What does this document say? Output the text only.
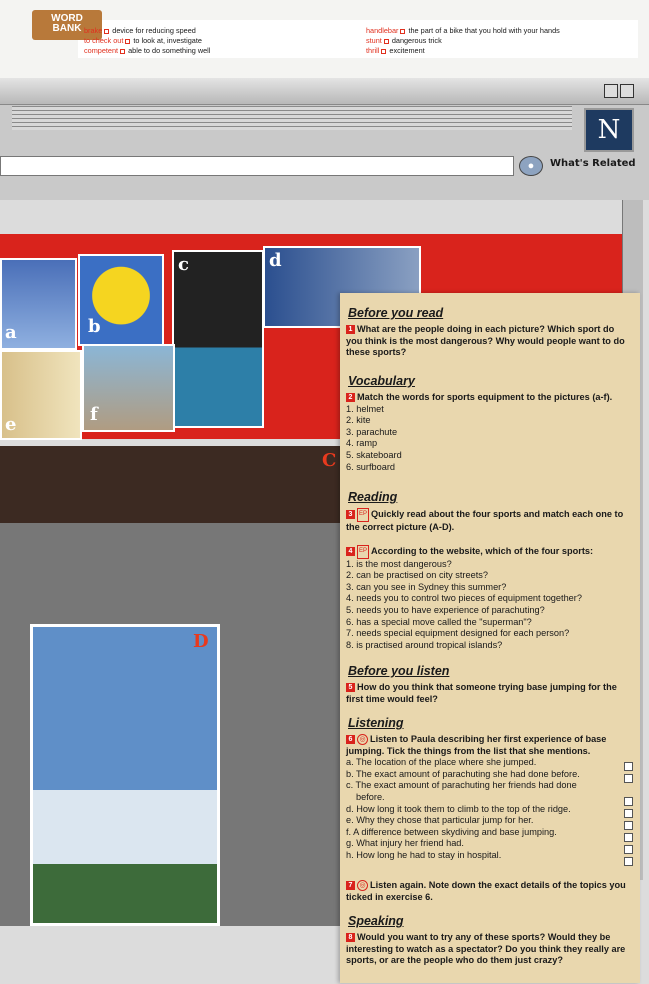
WORD
BANK brake device for reducing speed
to check out to look at, investigate
competent able to do something well
handlebar the part of a bike that you hold with your hands
stunt dangerous trick
thrill excitement
N
●	What's Related
a	b
c	d
e	f
C
D
Before you read
1 What are the people doing in each picture? Which sport do you think is the most dangerous? Why would people want to do these sports?
Vocabulary
2 Match the words for sports equipment to the pictures (a-f).
1. helmet
2. kite
3. parachute
4. ramp
5. skateboard
6. surfboard
Reading
3 EP Quickly read about the four sports and match each one to the correct picture (A-D).
4 EP According to the website, which of the four sports:
1. is the most dangerous?
2. can be practised on city streets?
3. can you see in Sydney this summer?
4. needs you to control two pieces of equipment together?
5. needs you to have experience of parachuting?
6. has a special move called the "superman"?
7. needs special equipment designed for each person?
8. is practised around tropical islands?
Before you listen
5 How do you think that someone trying base jumping for the first time would feel?
Listening
6 ◎ Listen to Paula describing her first experience of base jumping. Tick the things from the list that she mentions.
a. The location of the place where she jumped.
b. The exact amount of parachuting she had done before.
c. The exact amount of parachuting her friends had done
before.
d. How long it took them to climb to the top of the ridge.
e. Why they chose that particular jump for her.
f. A difference between skydiving and base jumping.
g. What injury her friend had.
h. How long he had to stay in hospital.
7 ◎ Listen again. Note down the exact details of the topics you ticked in exercise 6.
Speaking
8 Would you want to try any of these sports? Would they be interesting to watch as a spectator? Do you think they really are sports, or are the people who do them just crazy?
